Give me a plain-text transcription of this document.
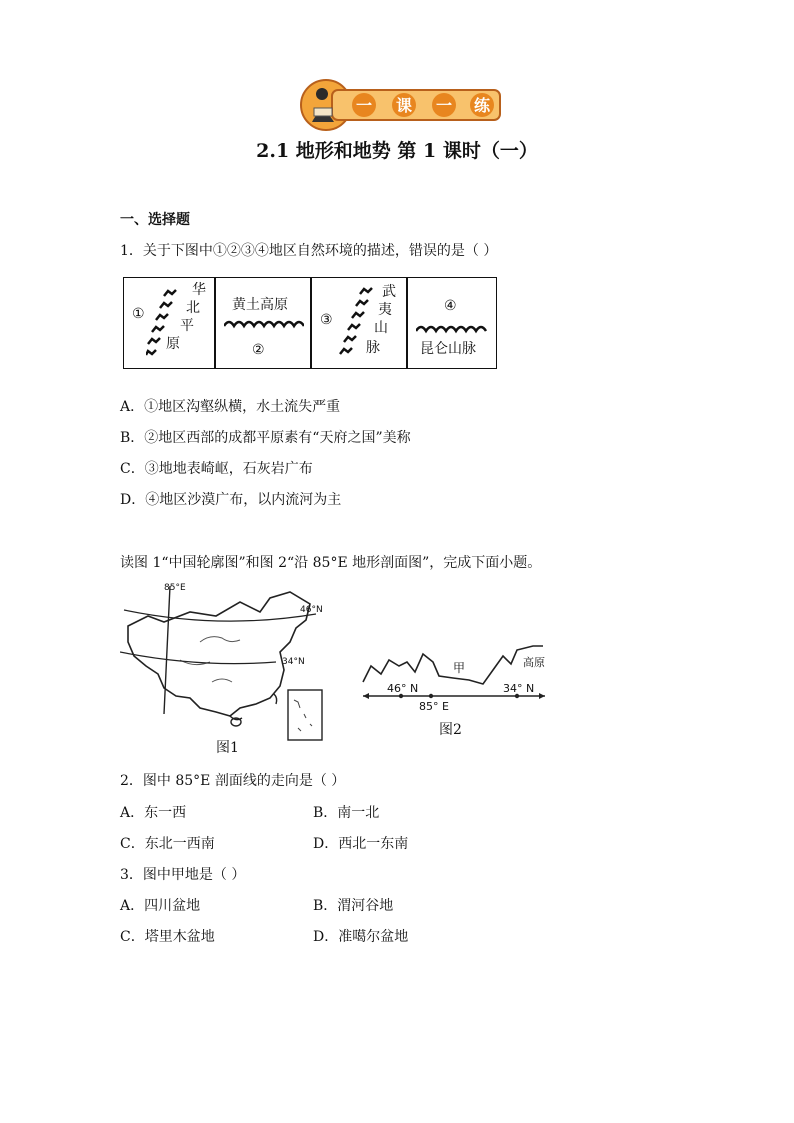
一 课 一 练
2.1 地形和地势 第 1 课时（一）
一、选择题
1．关于下图中①②③④地区自然环境的描述，错误的是（ ）
①
华
北
平
原
黄土高原
②
③
武
夷
山
脉
④
昆仑山脉
A．①地区沟壑纵横，水土流失严重
B．②地区西部的成都平原素有“天府之国”美称
C．③地地表崎岖，石灰岩广布
D．④地区沙漠广布，以内流河为主
读图 1“中国轮廓图”和图 2“沿 85°E 地形剖面图”，完成下面小题。
85°E
46°N
34°N
图1
甲	高原
46° N	34° N
85° E
图2
2．图中 85°E 剖面线的走向是（ ）
A．东一西	B．南一北
C．东北一西南	D．西北一东南
3．图中甲地是（ ）
A．四川盆地	B．渭河谷地
C．塔里木盆地	D．准噶尔盆地
